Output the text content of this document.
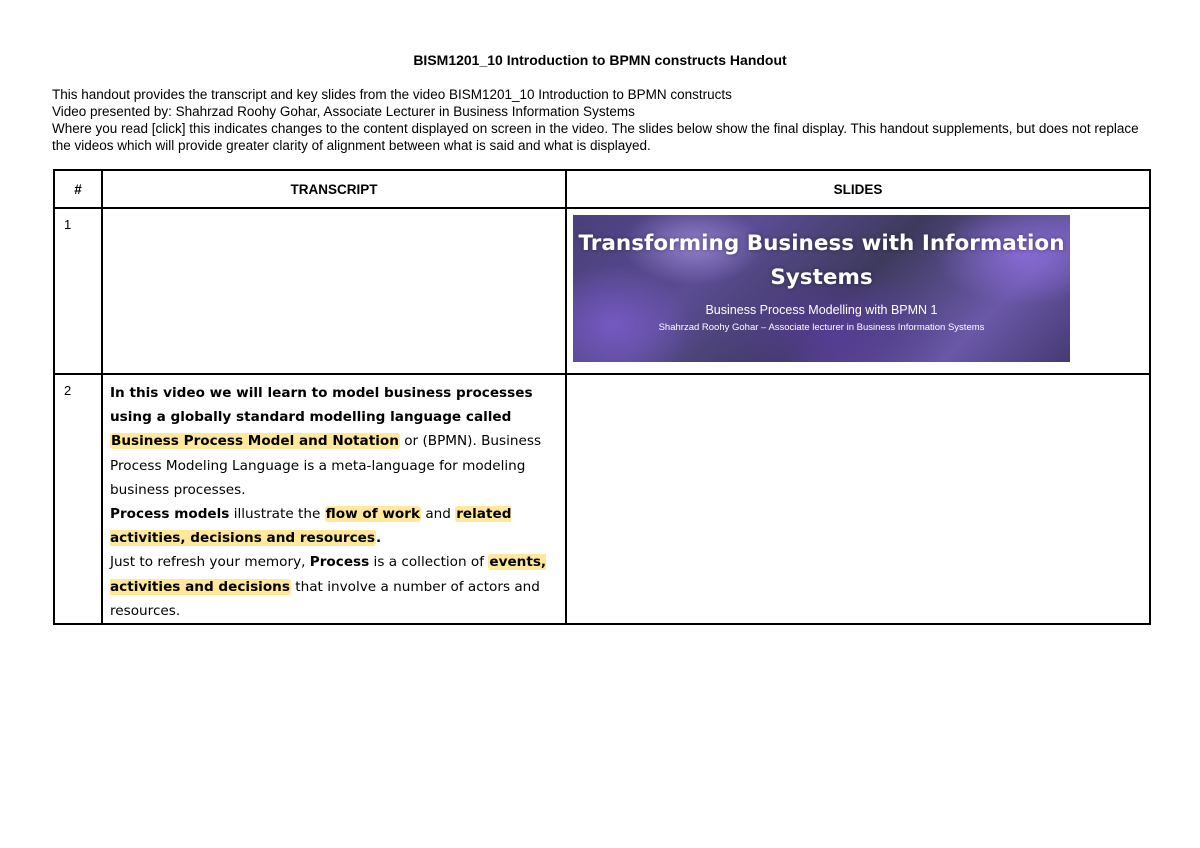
BISM1201_10 Introduction to BPMN constructs Handout
This handout provides the transcript and key slides from the video BISM1201_10 Introduction to BPMN constructs
Video presented by: Shahrzad Roohy Gohar, Associate Lecturer in Business Information Systems
Where you read [click] this indicates changes to the content displayed on screen in the video. The slides below show the final display. This handout supplements, but does not replace the videos which will provide greater clarity of alignment between what is said and what is displayed.
#	TRANSCRIPT	SLIDES
1		Transforming Business with Information Systems
Business Process Modelling with BPMN 1
Shahrzad Roohy Gohar – Associate lecturer in Business Information Systems

2	In this video we will learn to model business processes using a globally standard modelling language called Business Process Model and Notation or (BPMN). Business Process Modeling Language is a meta-language for modeling business processes.
Process models illustrate the flow of work and related activities, decisions and resources.
Just to refresh your memory, Process is a collection of events, activities and decisions that involve a number of actors and resources.	
